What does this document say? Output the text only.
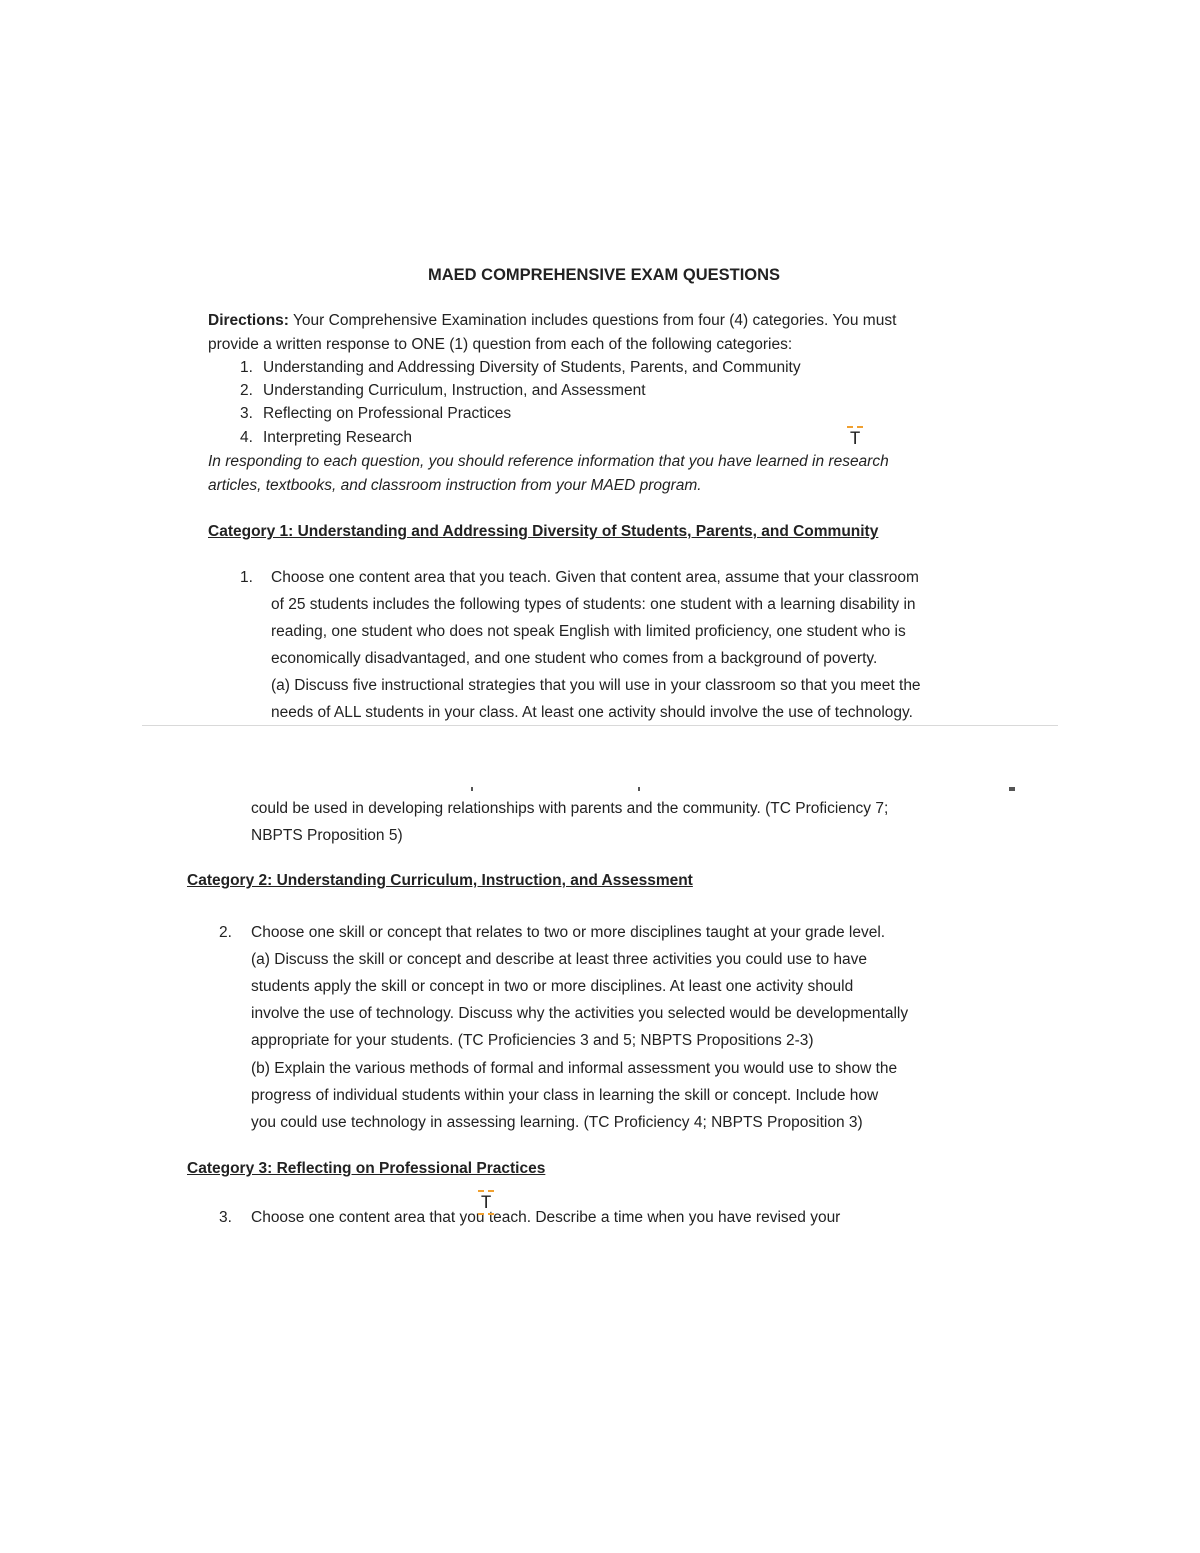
MAED COMPREHENSIVE EXAM QUESTIONS
Directions: Your Comprehensive Examination includes questions from four (4) categories. You must
provide a written response to ONE (1) question from each of the following categories:
1. Understanding and Addressing Diversity of Students, Parents, and Community
2. Understanding Curriculum, Instruction, and Assessment
3. Reflecting on Professional Practices
4. Interpreting Research
In responding to each question, you should reference information that you have learned in research
articles, textbooks, and classroom instruction from your MAED program.
T
Category 1: Understanding and Addressing Diversity of Students, Parents, and Community
1. Choose one content area that you teach. Given that content area, assume that your classroom
of 25 students includes the following types of students: one student with a learning disability in
reading, one student who does not speak English with limited proficiency, one student who is
economically disadvantaged, and one student who comes from a background of poverty.
(a) Discuss five instructional strategies that you will use in your classroom so that you meet the
needs of ALL students in your class. At least one activity should involve the use of technology.
could be used in developing relationships with parents and the community. (TC Proficiency 7;
NBPTS Proposition 5)
Category 2: Understanding Curriculum, Instruction, and Assessment
2. Choose one skill or concept that relates to two or more disciplines taught at your grade level.
(a) Discuss the skill or concept and describe at least three activities you could use to have
students apply the skill or concept in two or more disciplines. At least one activity should
involve the use of technology. Discuss why the activities you selected would be developmentally
appropriate for your students. (TC Proficiencies 3 and 5; NBPTS Propositions 2-3)
(b) Explain the various methods of formal and informal assessment you would use to show the
progress of individual students within your class in learning the skill or concept. Include how
you could use technology in assessing learning. (TC Proficiency 4; NBPTS Proposition 3)
Category 3: Reflecting on Professional Practices
3. Choose one content area that you teach. Describe a time when you have revised your
T
